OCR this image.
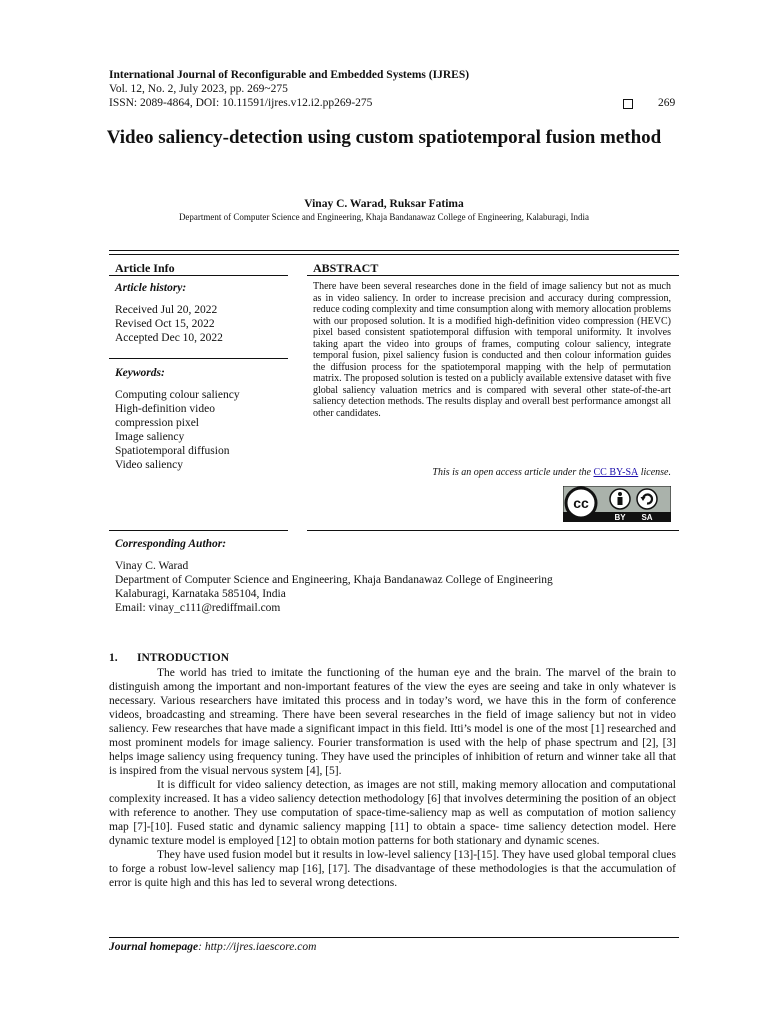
International Journal of Reconfigurable and Embedded Systems (IJRES)
Vol. 12, No. 2, July 2023, pp. 269~275
ISSN: 2089-4864, DOI: 10.11591/ijres.v12.i2.pp269-275	269
Video saliency-detection using custom spatiotemporal fusion method
Vinay C. Warad, Ruksar Fatima
Department of Computer Science and Engineering, Khaja Bandanawaz College of Engineering, Kalaburagi, India
Article Info
Article history:
Received Jul 20, 2022
Revised Oct 15, 2022
Accepted Dec 10, 2022
Keywords:
Computing colour saliency
High-definition video
compression pixel
Image saliency
Spatiotemporal diffusion
Video saliency
ABSTRACT
There have been several researches done in the field of image saliency but not as much as in video saliency. In order to increase precision and accuracy during compression, reduce coding complexity and time consumption along with memory allocation problems with our proposed solution. It is a modified high-definition video compression (HEVC) pixel based consistent spatiotemporal diffusion with temporal uniformity. It involves taking apart the video into groups of frames, computing colour saliency, integrate temporal fusion, pixel saliency fusion is conducted and then colour information guides the diffusion process for the spatiotemporal mapping with the help of permutation matrix. The proposed solution is tested on a publicly available extensive dataset with five global saliency valuation metrics and is compared with several other state-of-the-art saliency detection methods. The results display and overall best performance amongst all other candidates.
This is an open access article under the CC BY-SA license.
cc
BY SA
Corresponding Author:
Vinay C. Warad
Department of Computer Science and Engineering, Khaja Bandanawaz College of Engineering
Kalaburagi, Karnataka 585104, India
Email: vinay_c111@rediffmail.com
1. INTRODUCTION

The world has tried to imitate the functioning of the human eye and the brain. The marvel of the brain to distinguish among the important and non-important features of the view the eyes are seeing and take in only whatever is necessary. Various researchers have imitated this process and in today’s word, we have this in the form of conference videos, broadcasting and streaming. There have been several researches in the field of image saliency but not in video saliency. Few researches that have made a significant impact in this field. Itti’s model is one of the most [1] researched and most prominent models for image saliency. Fourier transformation is used with the help of phase spectrum and [2], [3] helps image saliency using frequency tuning. They have used the principles of inhibition of return and winner take all that is inspired from the visual nervous system [4], [5].

It is difficult for video saliency detection, as images are not still, making memory allocation and computational complexity increased. It has a video saliency detection methodology [6] that involves determining the position of an object with reference to another. They use computation of space-time-saliency map as well as computation of motion saliency map [7]-[10]. Fused static and dynamic saliency mapping [11] to obtain a space- time saliency detection model. Here dynamic texture model is employed [12] to obtain motion patterns for both stationary and dynamic scenes.

They have used fusion model but it results in low-level saliency [13]-[15]. They have used global temporal clues to forge a robust low-level saliency map [16], [17]. The disadvantage of these methodologies is that the accumulation of error is quite high and this has led to several wrong detections.

Journal homepage: http://ijres.iaescore.com
